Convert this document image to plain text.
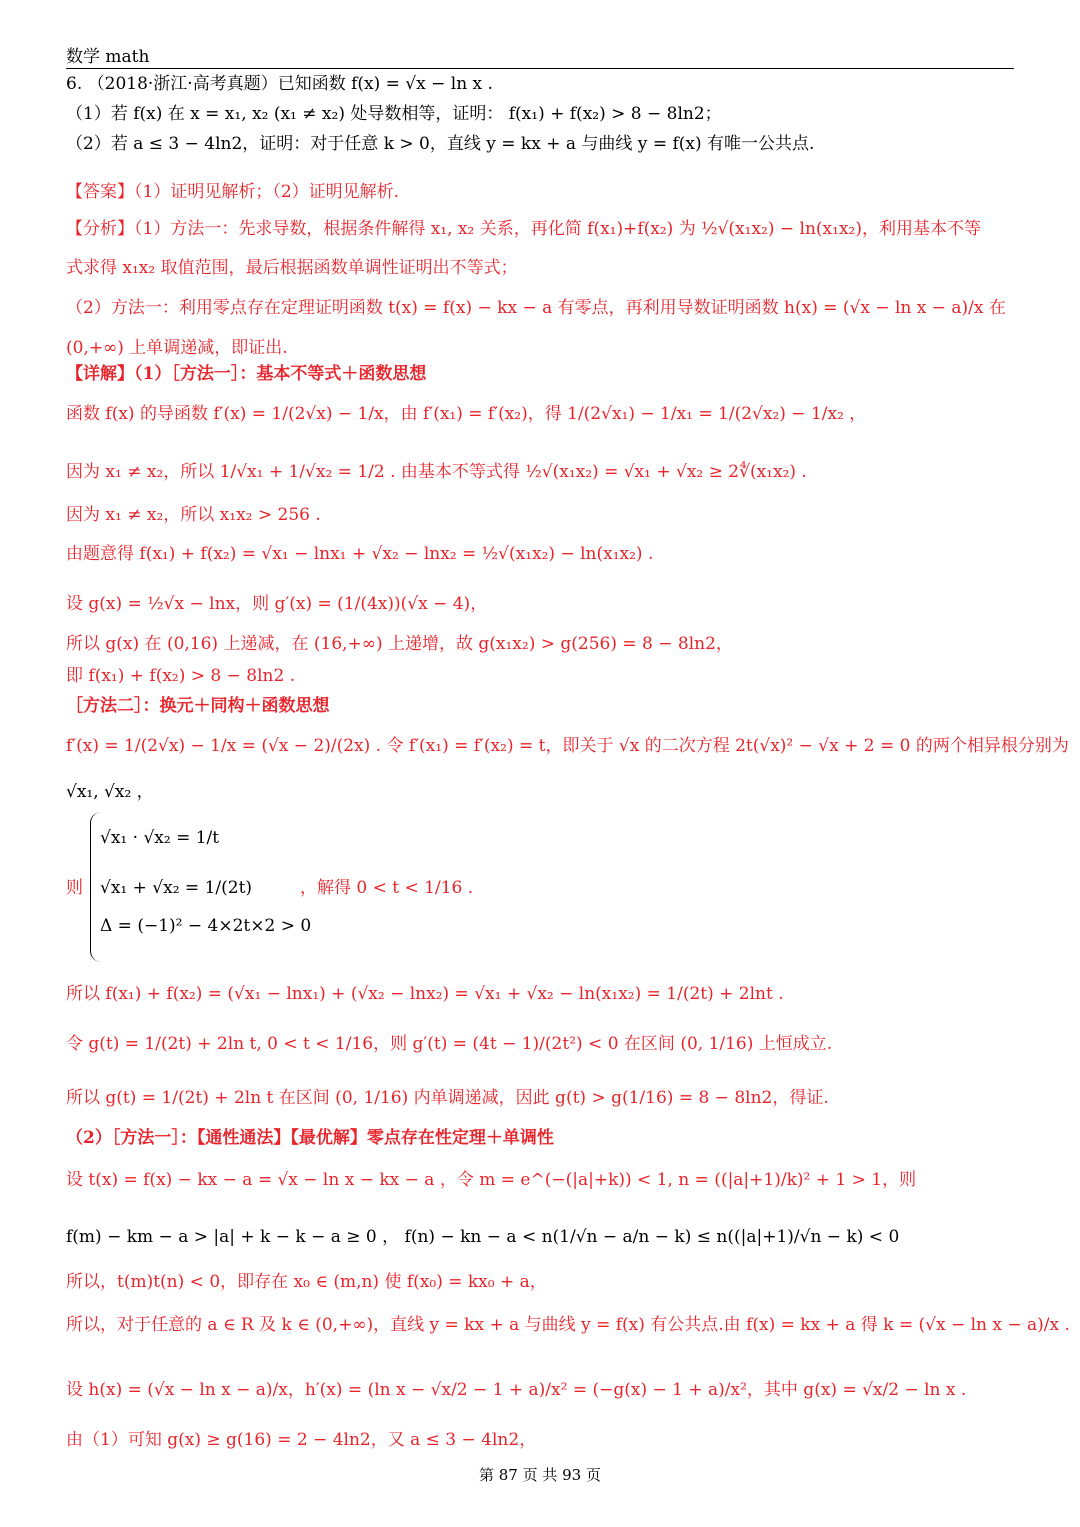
数学 math
6. （2018·浙江·高考真题）已知函数 f(x) = √x − ln x .
（1）若 f(x) 在 x = x₁, x₂ (x₁ ≠ x₂) 处导数相等，证明： f(x₁) + f(x₂) > 8 − 8ln2；
（2）若 a ≤ 3 − 4ln2，证明：对于任意 k > 0，直线 y = kx + a 与曲线 y = f(x) 有唯一公共点.
【答案】（1）证明见解析；（2）证明见解析.
【分析】（1）方法一：先求导数，根据条件解得 x₁, x₂ 关系，再化简 f(x₁)+f(x₂) 为 ½√(x₁x₂) − ln(x₁x₂)，利用基本不等
式求得 x₁x₂ 取值范围，最后根据函数单调性证明出不等式；
（2）方法一：利用零点存在定理证明函数 t(x) = f(x) − kx − a 有零点，再利用导数证明函数 h(x) = (√x − ln x − a)/x 在
(0,+∞) 上单调递减，即证出.
【详解】（1）［方法一］：基本不等式＋函数思想
函数 f(x) 的导函数 f′(x) = 1/(2√x) − 1/x，由 f′(x₁) = f′(x₂)，得 1/(2√x₁) − 1/x₁ = 1/(2√x₂) − 1/x₂ ，
因为 x₁ ≠ x₂，所以 1/√x₁ + 1/√x₂ = 1/2 . 由基本不等式得 ½√(x₁x₂) = √x₁ + √x₂ ≥ 2∜(x₁x₂) .
因为 x₁ ≠ x₂，所以 x₁x₂ > 256 .
由题意得 f(x₁) + f(x₂) = √x₁ − lnx₁ + √x₂ − lnx₂ = ½√(x₁x₂) − ln(x₁x₂) .
设 g(x) = ½√x − lnx，则 g′(x) = (1/(4x))(√x − 4)，
所以 g(x) 在 (0,16) 上递减，在 (16,+∞) 上递增，故 g(x₁x₂) > g(256) = 8 − 8ln2，
即 f(x₁) + f(x₂) > 8 − 8ln2 .
［方法二］：换元＋同构＋函数思想
f′(x) = 1/(2√x) − 1/x = (√x − 2)/(2x) . 令 f′(x₁) = f′(x₂) = t，即关于 √x 的二次方程 2t(√x)² − √x + 2 = 0 的两个相异根分别为
√x₁, √x₂ ，
√x₁ · √x₂ = 1/t
则 √x₁ + √x₂ = 1/(2t)	，解得 0 < t < 1/16 .
Δ = (−1)² − 4×2t×2 > 0
所以 f(x₁) + f(x₂) = (√x₁ − lnx₁) + (√x₂ − lnx₂) = √x₁ + √x₂ − ln(x₁x₂) = 1/(2t) + 2lnt .
令 g(t) = 1/(2t) + 2ln t, 0 < t < 1/16，则 g′(t) = (4t − 1)/(2t²) < 0 在区间 (0, 1/16) 上恒成立.
所以 g(t) = 1/(2t) + 2ln t 在区间 (0, 1/16) 内单调递减，因此 g(t) > g(1/16) = 8 − 8ln2，得证.
（2）［方法一］：【通性通法】【最优解】零点存在性定理＋单调性
设 t(x) = f(x) − kx − a = √x − ln x − kx − a ，令 m = e^(−(|a|+k)) < 1, n = ((|a|+1)/k)² + 1 > 1，则
f(m) − km − a > |a| + k − k − a ≥ 0 ， f(n) − kn − a < n(1/√n − a/n − k) ≤ n((|a|+1)/√n − k) < 0
所以，t(m)t(n) < 0，即存在 x₀ ∈ (m,n) 使 f(x₀) = kx₀ + a，
所以，对于任意的 a ∈ R 及 k ∈ (0,+∞)，直线 y = kx + a 与曲线 y = f(x) 有公共点.由 f(x) = kx + a 得 k = (√x − ln x − a)/x .
设 h(x) = (√x − ln x − a)/x，h′(x) = (ln x − √x/2 − 1 + a)/x² = (−g(x) − 1 + a)/x²，其中 g(x) = √x/2 − ln x .
由（1）可知 g(x) ≥ g(16) = 2 − 4ln2，又 a ≤ 3 − 4ln2，
第 87 页 共 93 页
